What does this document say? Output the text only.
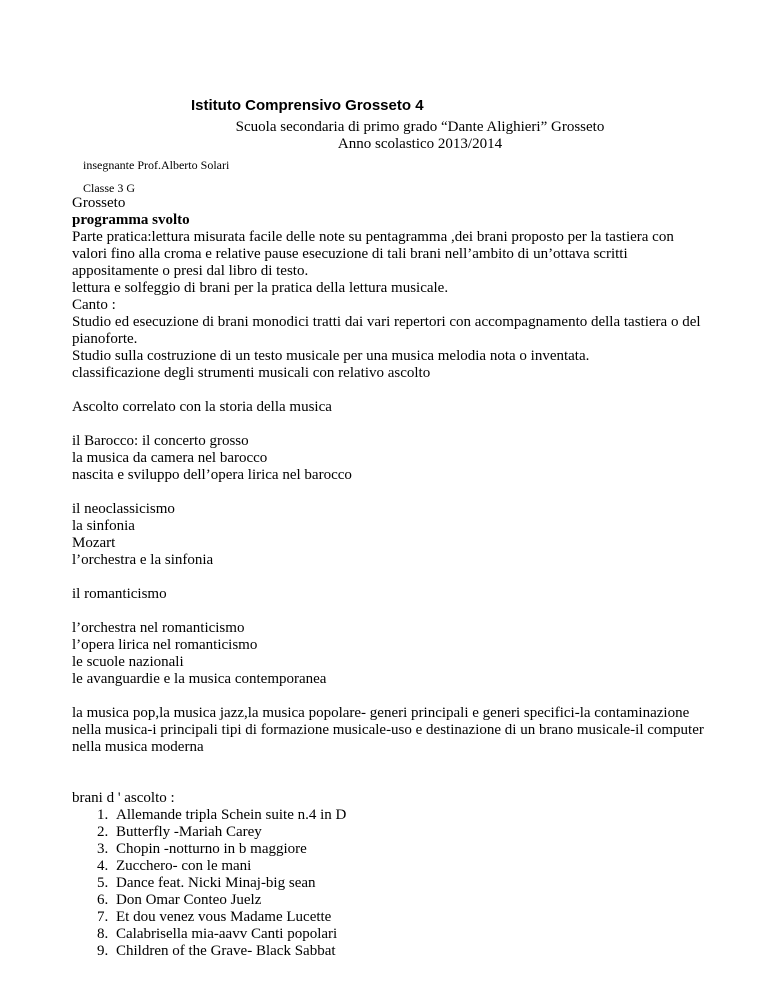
Istituto Comprensivo Grosseto 4
Scuola secondaria di primo grado “Dante Alighieri” Grosseto
Anno scolastico 2013/2014
insegnante Prof.Alberto Solari
Classe 3 G

Grosseto

programma svolto

Parte pratica:lettura misurata facile delle note su pentagramma ,dei brani proposto per la tastiera con valori fino alla croma e relative pause esecuzione di tali brani nell’ambito di un’ottava scritti appositamente o presi dal libro di testo.

lettura e solfeggio di brani per la pratica della lettura musicale.

Canto :

Studio ed esecuzione di brani monodici tratti dai vari repertori con accompagnamento della tastiera o del pianoforte.

Studio sulla costruzione di un testo musicale per una musica melodia nota o inventata.

classificazione degli strumenti musicali con relativo ascolto

Ascolto correlato con la storia della musica

il Barocco: il concerto grosso

la musica da camera nel barocco

nascita e sviluppo dell’opera lirica nel barocco

il neoclassicismo

la sinfonia

Mozart

l’orchestra e la sinfonia

il romanticismo

l’orchestra nel romanticismo

l’opera lirica nel romanticismo

le scuole nazionali

le avanguardie e la musica contemporanea

la musica pop,la musica jazz,la musica popolare- generi principali e generi specifici-la contaminazione nella musica-i principali tipi di formazione musicale-uso e destinazione di un brano musicale-il computer nella musica moderna

brani d ' ascolto :

1. Allemande tripla Schein suite n.4 in D
2. Butterfly -Mariah Carey
3. Chopin -notturno in b maggiore
4. Zucchero- con le mani
5. Dance feat. Nicki Minaj-big sean
6. Don Omar Conteo Juelz
7. Et dou venez vous Madame Lucette
8. Calabrisella mia-aavv Canti popolari
9. Children of the Grave- Black Sabbat
